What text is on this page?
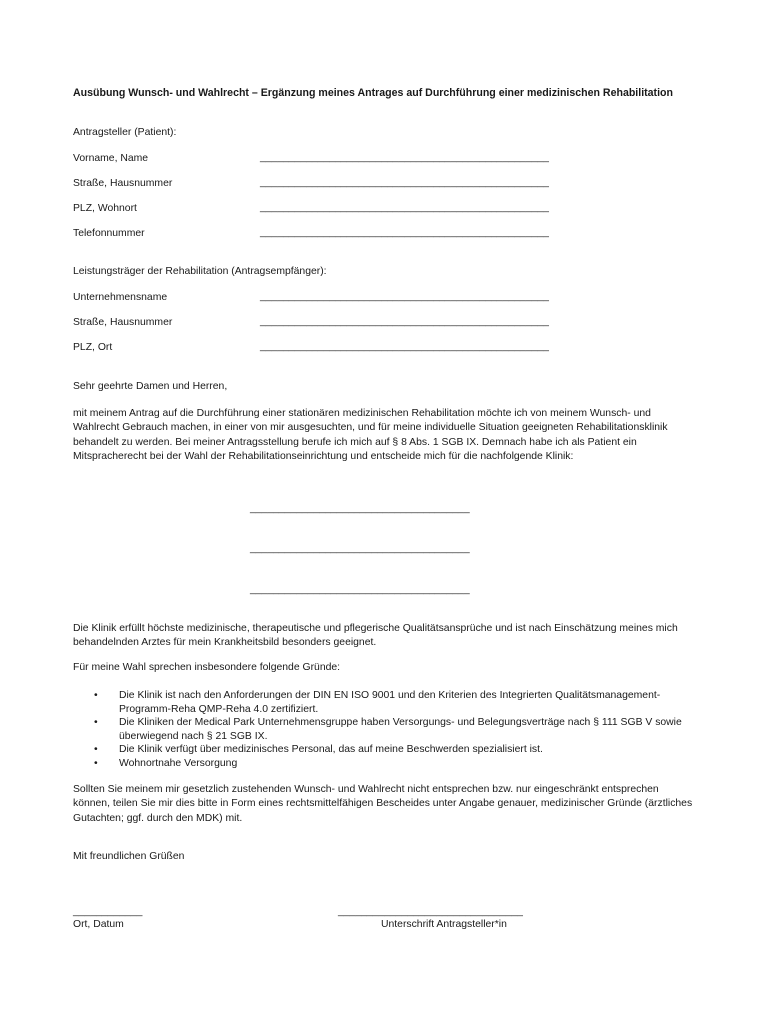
Ausübung Wunsch- und Wahlrecht – Ergänzung meines Antrages auf Durchführung einer medizinischen Rehabilitation
Antragsteller (Patient):
Vorname, Name	__________________________________________________
Straße, Hausnummer	__________________________________________________
PLZ, Wohnort	__________________________________________________
Telefonnummer	__________________________________________________
Leistungsträger der Rehabilitation (Antragsempfänger):
Unternehmensname	__________________________________________________
Straße, Hausnummer	__________________________________________________
PLZ, Ort	__________________________________________________
Sehr geehrte Damen und Herren,
mit meinem Antrag auf die Durchführung einer stationären medizinischen Rehabilitation möchte ich von meinem Wunsch- und Wahlrecht Gebrauch machen, in einer von mir ausgesuchten, und für meine individuelle Situation geeigneten Rehabilitationsklinik behandelt zu werden. Bei meiner Antragsstellung berufe ich mich auf § 8 Abs. 1 SGB IX. Demnach habe ich als Patient ein Mitspracherecht bei der Wahl der Rehabilitationseinrichtung und entscheide mich für die nachfolgende Klinik:
______________________________________
______________________________________
______________________________________
Die Klinik erfüllt höchste medizinische, therapeutische und pflegerische Qualitätsansprüche und ist nach Einschätzung meines mich behandelnden Arztes für mein Krankheitsbild besonders geeignet.
Für meine Wahl sprechen insbesondere folgende Gründe:
• Die Klinik ist nach den Anforderungen der DIN EN ISO 9001 und den Kriterien des Integrierten Qualitätsmanagement-Programm-Reha QMP-Reha 4.0 zertifiziert.
• Die Kliniken der Medical Park Unternehmensgruppe haben Versorgungs- und Belegungsverträge nach § 111 SGB V sowie überwiegend nach § 21 SGB IX.
• Die Klinik verfügt über medizinisches Personal, das auf meine Beschwerden spezialisiert ist.
• Wohnortnahe Versorgung
Sollten Sie meinem mir gesetzlich zustehenden Wunsch- und Wahlrecht nicht entsprechen bzw. nur eingeschränkt entsprechen können, teilen Sie mir dies bitte in Form eines rechtsmittelfähigen Bescheides unter Angabe genauer, medizinischer Gründe (ärztliches Gutachten; ggf. durch den MDK) mit.
Mit freundlichen Grüßen
____________
Ort, Datum
________________________________
Unterschrift Antragsteller*in
